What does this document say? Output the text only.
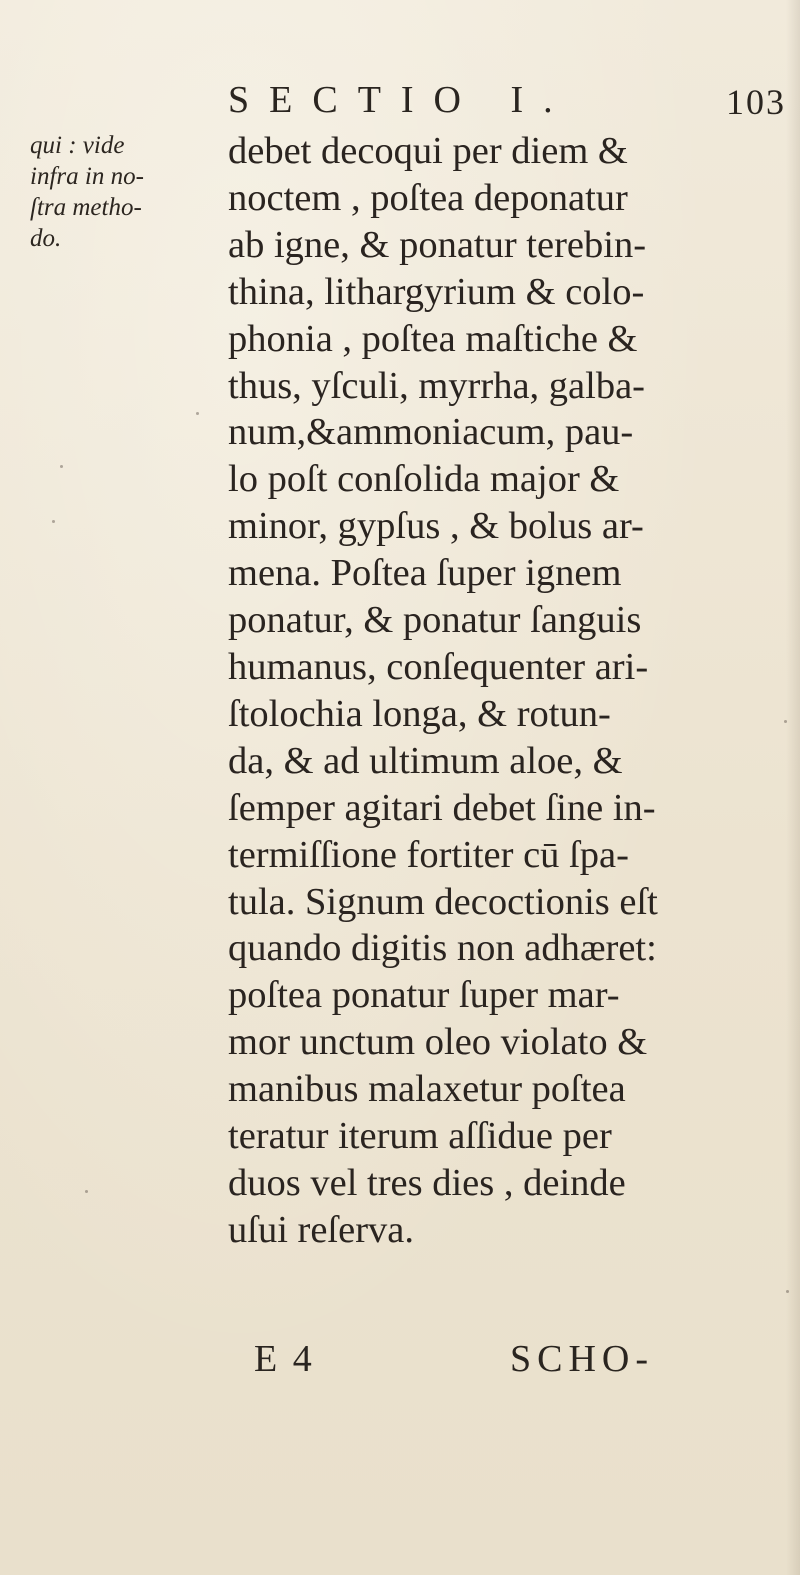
SECTIO I.	103
qui : vide
infra in no-
ſtra metho-
do.
debet decoqui per diem &
noctem , poſtea deponatur
ab igne, & ponatur terebin-
thina, lithargyrium & colo-
phonia , poſtea maſtiche &
thus, yſculi, myrrha, galba-
num,&ammoniacum, pau-
lo poſt conſolida major &
minor, gypſus , & bolus ar-
mena. Poſtea ſuper ignem
ponatur, & ponatur ſanguis
humanus, conſequenter ari-
ſtolochia longa, & rotun-
da, & ad ultimum aloe, &
ſemper agitari debet ſine in-
termiſſione fortiter cū ſpa-
tula. Signum decoctionis eſt
quando digitis non adhæret:
poſtea ponatur ſuper mar-
mor unctum oleo violato &
manibus malaxetur poſtea
teratur iterum aſſidue per
duos vel tres dies , deinde
uſui reſerva.
E 4	SCHO-
